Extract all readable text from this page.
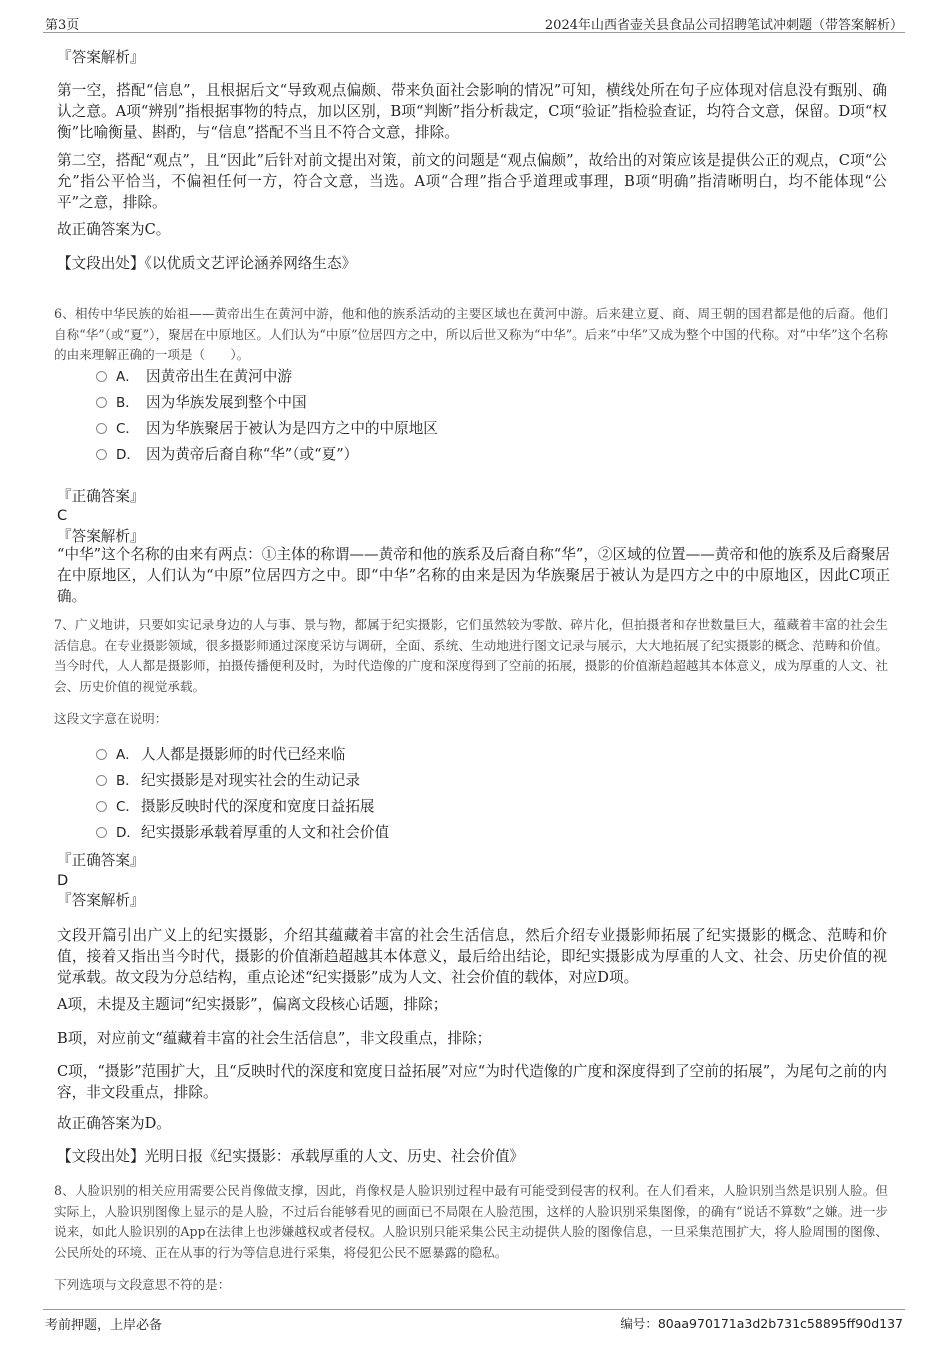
第3页	2024年山西省壶关县食品公司招聘笔试冲刺题（带答案解析）
『答案解析』

第一空，搭配“信息”，且根据后文“导致观点偏颇、带来负面社会影响的情况”可知，横线处所在句子应体现对信息没有甄别、确认之意。A项“辨别”指根据事物的特点，加以区别，B项“判断”指分析裁定，C项“验证”指检验查证，均符合文意，保留。D项“权衡”比喻衡量、斟酌，与“信息”搭配不当且不符合文意，排除。

第二空，搭配“观点”，且“因此”后针对前文提出对策，前文的问题是“观点偏颇”，故给出的对策应该是提供公正的观点，C项“公允”指公平恰当，不偏袒任何一方，符合文意，当选。A项“合理”指合乎道理或事理，B项“明确”指清晰明白，均不能体现“公平”之意，排除。

故正确答案为C。
【文段出处】《以优质文艺评论涵养网络生态》

6、相传中华民族的始祖——黄帝出生在黄河中游，他和他的族系活动的主要区域也在黄河中游。后来建立夏、商、周王朝的国君都是他的后裔。他们自称“华”（或“夏”），聚居在中原地区。人们认为“中原”位居四方之中，所以后世又称为“中华”。后来“中华”又成为整个中国的代称。对“中华”这个名称的由来理解正确的一项是（　　）。

A． 因黄帝出生在黄河中游
B． 因为华族发展到整个中国
C． 因为华族聚居于被认为是四方之中的中原地区
D． 因为黄帝后裔自称“华”（或“夏”）
『正确答案』
C
『答案解析』

“中华”这个名称的由来有两点：①主体的称谓——黄帝和他的族系及后裔自称“华”，②区域的位置——黄帝和他的族系及后裔聚居在中原地区，人们认为“中原”位居四方之中。即“中华”名称的由来是因为华族聚居于被认为是四方之中的中原地区，因此C项正确。

7、广义地讲，只要如实记录身边的人与事、景与物，都属于纪实摄影，它们虽然较为零散、碎片化，但拍摄者和存世数量巨大，蕴藏着丰富的社会生活信息。在专业摄影领域，很多摄影师通过深度采访与调研，全面、系统、生动地进行图文记录与展示，大大地拓展了纪实摄影的概念、范畴和价值。当今时代，人人都是摄影师，拍摄传播便利及时，为时代造像的广度和深度得到了空前的拓展，摄影的价值渐趋超越其本体意义，成为厚重的人文、社会、历史价值的视觉承载。

这段文字意在说明：
A． 人人都是摄影师的时代已经来临
B． 纪实摄影是对现实社会的生动记录
C． 摄影反映时代的深度和宽度日益拓展
D．纪实摄影承载着厚重的人文和社会价值
『正确答案』
D
『答案解析』

文段开篇引出广义上的纪实摄影，介绍其蕴藏着丰富的社会生活信息，然后介绍专业摄影师拓展了纪实摄影的概念、范畴和价值，接着又指出当今时代，摄影的价值渐趋超越其本体意义，最后给出结论，即纪实摄影成为厚重的人文、社会、历史价值的视觉承载。故文段为分总结构，重点论述“纪实摄影”成为人文、社会价值的载体，对应D项。

A项，未提及主题词“纪实摄影”，偏离文段核心话题，排除；
B项，对应前文“蕴藏着丰富的社会生活信息”，非文段重点，排除；

C项，“摄影”范围扩大，且“反映时代的深度和宽度日益拓展”对应“为时代造像的广度和深度得到了空前的拓展”，为尾句之前的内容，非文段重点，排除。

故正确答案为D。
【文段出处】光明日报《纪实摄影：承载厚重的人文、历史、社会价值》

8、人脸识别的相关应用需要公民肖像做支撑，因此，肖像权是人脸识别过程中最有可能受到侵害的权利。在人们看来，人脸识别当然是识别人脸。但实际上，人脸识别图像上显示的是人脸，不过后台能够看见的画面已不局限在人脸范围，这样的人脸识别采集图像，的确有“说话不算数”之嫌。进一步说来，如此人脸识别的App在法律上也涉嫌越权或者侵权。人脸识别只能采集公民主动提供人脸的图像信息，一旦采集范围扩大，将人脸周围的图像、公民所处的环境、正在从事的行为等信息进行采集，将侵犯公民不愿暴露的隐私。

下列选项与文段意思不符的是：
考前押题，上岸必备	编号：80aa970171a3d2b731c58895ff90d137
